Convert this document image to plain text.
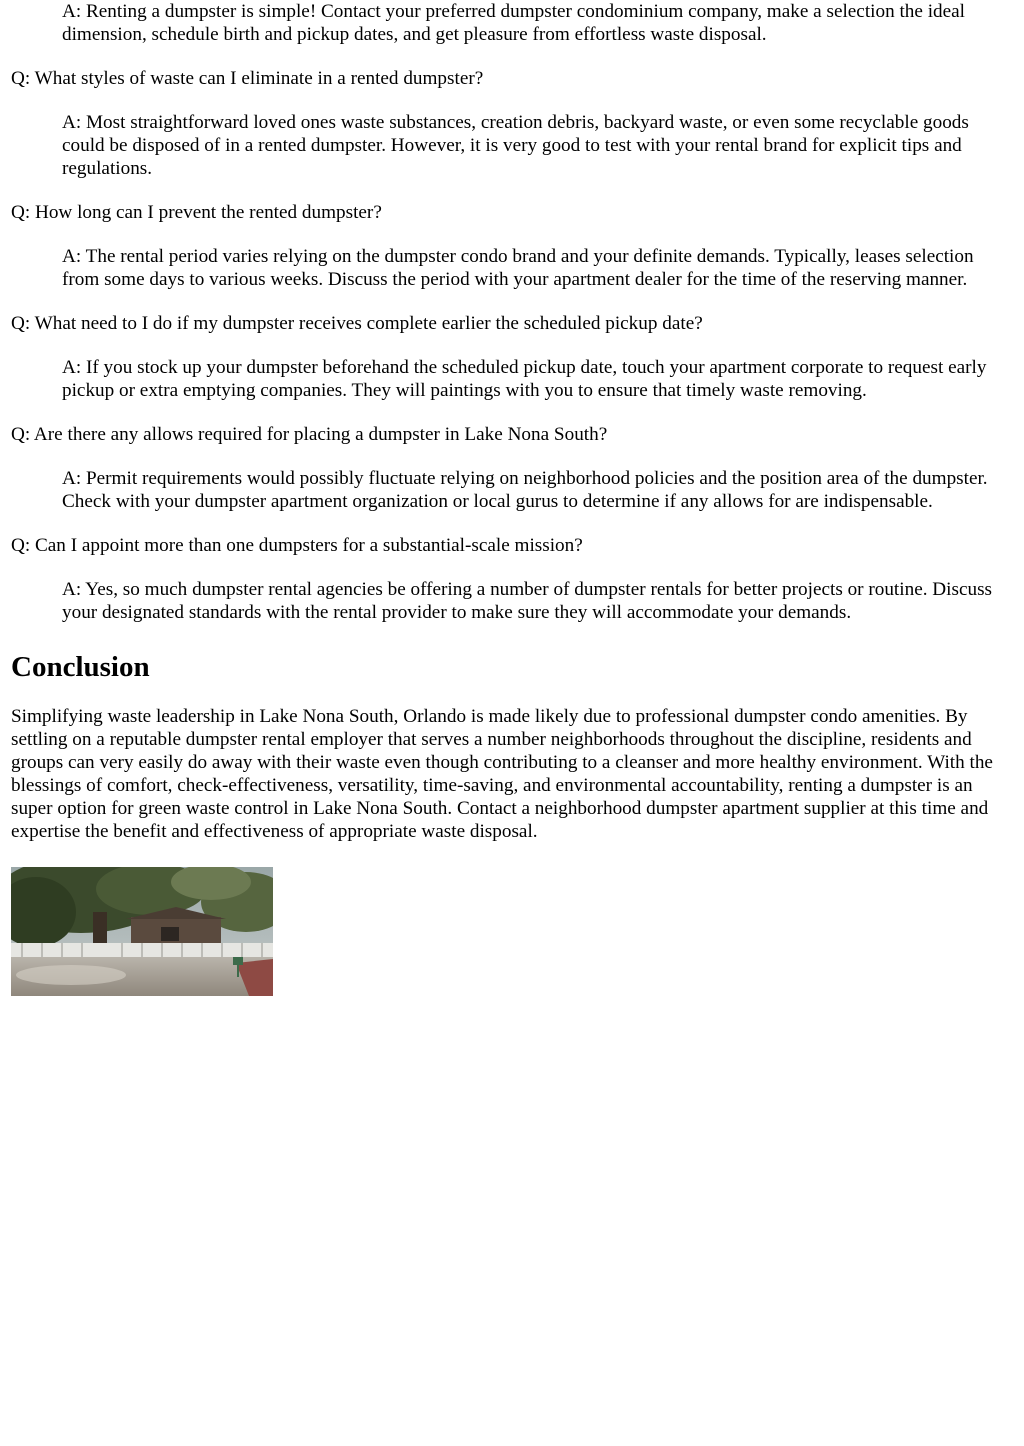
A: Renting a dumpster is simple! Contact your preferred dumpster condominium company, make a selection the ideal dimension, schedule birth and pickup dates, and get pleasure from effortless waste disposal.

Q: What styles of waste can I eliminate in a rented dumpster?

A: Most straightforward loved ones waste substances, creation debris, backyard waste, or even some recyclable goods could be disposed of in a rented dumpster. However, it is very good to test with your rental brand for explicit tips and regulations.

Q: How long can I prevent the rented dumpster?

A: The rental period varies relying on the dumpster condo brand and your definite demands. Typically, leases selection from some days to various weeks. Discuss the period with your apartment dealer for the time of the reserving manner.

Q: What need to I do if my dumpster receives complete earlier the scheduled pickup date?

A: If you stock up your dumpster beforehand the scheduled pickup date, touch your apartment corporate to request early pickup or extra emptying companies. They will paintings with you to ensure that timely waste removing.

Q: Are there any allows required for placing a dumpster in Lake Nona South?

A: Permit requirements would possibly fluctuate relying on neighborhood policies and the position area of the dumpster. Check with your dumpster apartment organization or local gurus to determine if any allows for are indispensable.

Q: Can I appoint more than one dumpsters for a substantial-scale mission?

A: Yes, so much dumpster rental agencies be offering a number of dumpster rentals for better projects or routine. Discuss your designated standards with the rental provider to make sure they will accommodate your demands.

Conclusion

Simplifying waste leadership in Lake Nona South, Orlando is made likely due to professional dumpster condo amenities. By settling on a reputable dumpster rental employer that serves a number neighborhoods throughout the discipline, residents and groups can very easily do away with their waste even though contributing to a cleanser and more healthy environment. With the blessings of comfort, check-effectiveness, versatility, time-saving, and environmental accountability, renting a dumpster is an super option for green waste control in Lake Nona South. Contact a neighborhood dumpster apartment supplier at this time and expertise the benefit and effectiveness of appropriate waste disposal.
